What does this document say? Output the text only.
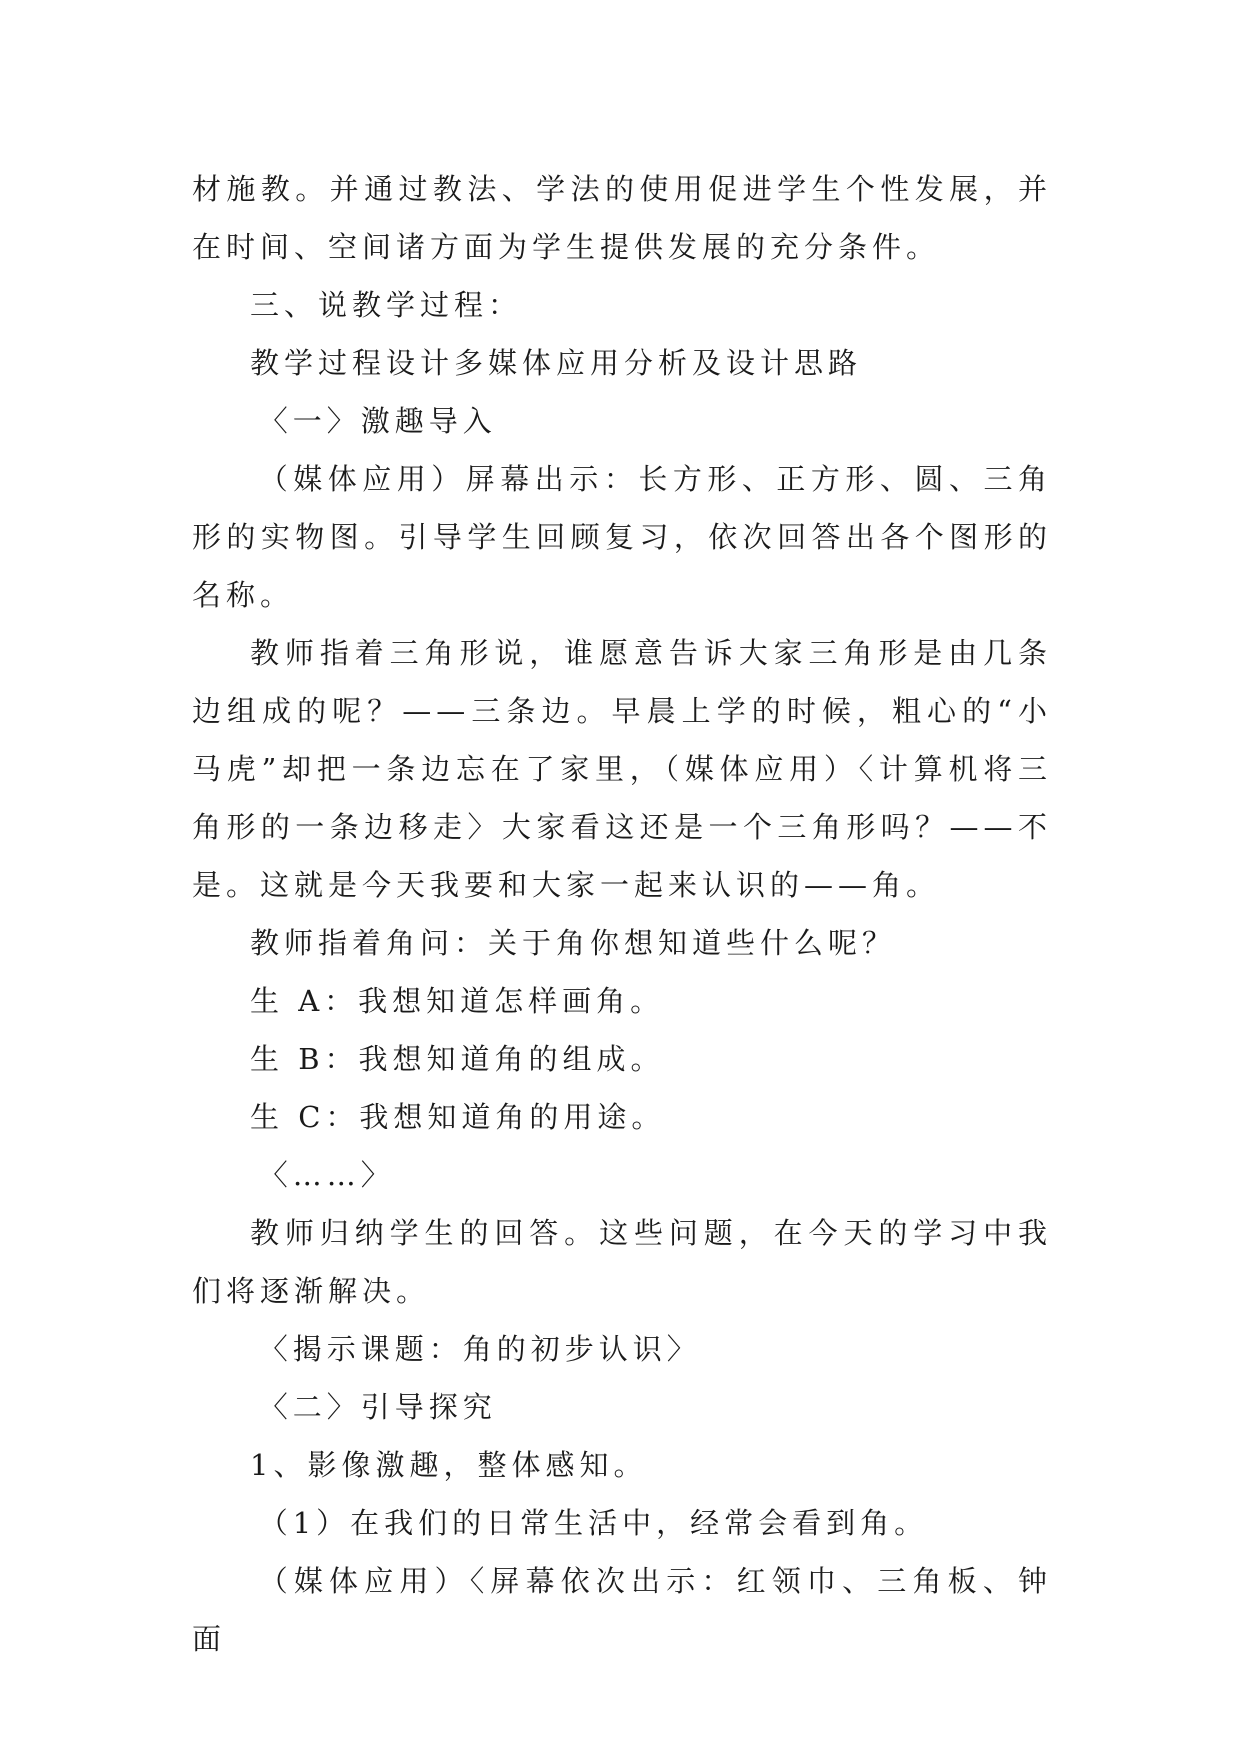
材施教。并通过教法、学法的使用促进学生个性发展，并在时间、空间诸方面为学生提供发展的充分条件。

三、说教学过程：

教学过程设计多媒体应用分析及设计思路

〈一〉激趣导入

（媒体应用）屏幕出示：长方形、正方形、圆、三角形的实物图。引导学生回顾复习，依次回答出各个图形的名称。

教师指着三角形说，谁愿意告诉大家三角形是由几条边组成的呢？——三条边。早晨上学的时候，粗心的“小马虎”却把一条边忘在了家里，（媒体应用）〈计算机将三角形的一条边移走〉大家看这还是一个三角形吗？——不是。这就是今天我要和大家一起来认识的——角。

教师指着角问：关于角你想知道些什么呢？

生 A：我想知道怎样画角。

生 B：我想知道角的组成。

生 C：我想知道角的用途。

〈……〉

教师归纳学生的回答。这些问题，在今天的学习中我们将逐渐解决。

〈揭示课题：角的初步认识〉

〈二〉引导探究

1、影像激趣，整体感知。

（1）在我们的日常生活中，经常会看到角。

（媒体应用）〈屏幕依次出示：红领巾、三角板、钟面
